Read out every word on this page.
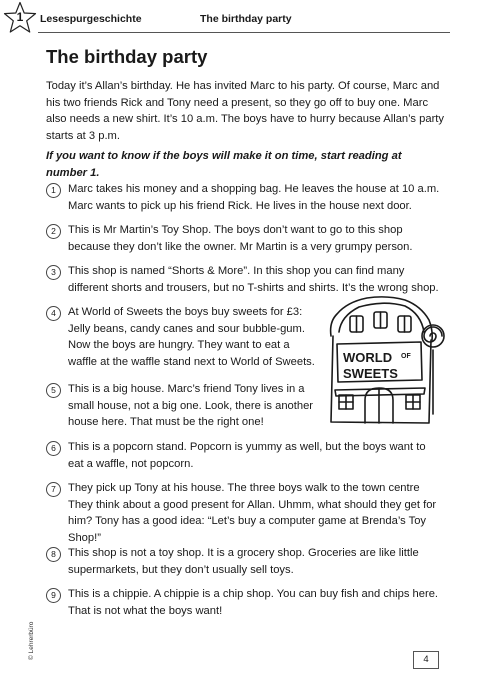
1	Lesespurgeschichte	The birthday party
The birthday party

Today it’s Allan’s birthday. He has invited Marc to his party. Of course, Marc and his two friends Rick and Tony need a present, so they go off to buy one. Marc also needs a new shirt. It’s 10 a.m. The boys have to hurry because Allan’s party starts at 3 p.m.

If you want to know if the boys will make it on time, start reading at number 1.

1	Marc takes his money and a shopping bag. He leaves the house at 10 a.m. Marc wants to pick up his friend Rick. He lives in the house next door.

2	This is Mr Martin’s Toy Shop. The boys don’t want to go to this shop because they don’t like the owner. Mr Martin is a very grumpy person.

3	This shop is named “Shorts & More”. In this shop you can find many different shorts and trousers, but no T-shirts and shirts. It’s the wrong shop.

4	At World of Sweets the boys buy sweets for £3: Jelly beans, candy canes and sour bubble-gum. Now the boys are hungry. They want to eat a waffle at the waffle stand next to World of Sweets.

5	This is a big house. Marc’s friend Tony lives in a small house, not a big one. Look, there is another house here. That must be the right one!

6	This is a popcorn stand. Popcorn is yummy as well, but the boys want to eat a waffle, not popcorn.

7	They pick up Tony at his house. The three boys walk to the town centre They think about a good present for Allan. Uhmm, what should they get for him? Tony has a good idea: “Let’s buy a computer game at Brenda’s Toy Shop!”

8	This shop is not a toy shop. It is a grocery shop. Groceries are like little supermarkets, but they don’t usually sell toys.

9	This is a chippie. A chippie is a chip shop. You can buy fish and chips here. That is not what the boys want!

WORLD OF
SWEETS
© Lehrerbüro	4
